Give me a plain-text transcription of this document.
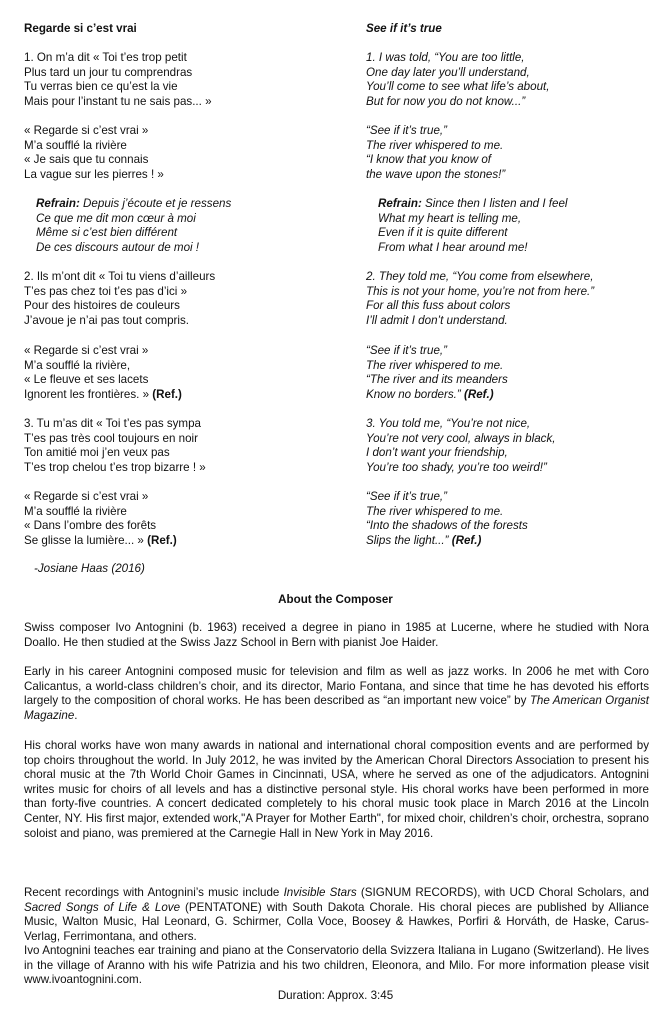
Regarde si c’est vrai
1. On m’a dit « Toi t’es trop petit
Plus tard un jour tu comprendras
Tu verras bien ce qu’est la vie
Mais pour l’instant tu ne sais pas... »
« Regarde si c’est vrai »
M’a soufflé la rivière
« Je sais que tu connais
La vague sur les pierres ! »
Refrain: Depuis j’écoute et je ressens
Ce que me dit mon cœur à moi
Même si c’est bien différent
De ces discours autour de moi !
2. Ils m’ont dit « Toi tu viens d’ailleurs
T’es pas chez toi t’es pas d’ici »
Pour des histoires de couleurs
J’avoue je n’ai pas tout compris.
« Regarde si c’est vrai »
M’a soufflé la rivière,
« Le fleuve et ses lacets
Ignorent les frontières. » (Ref.)
3. Tu m’as dit « Toi t’es pas sympa
T’es pas très cool toujours en noir
Ton amitié moi j’en veux pas
T’es trop chelou t’es trop bizarre ! »
« Regarde si c’est vrai »
M’a soufflé la rivière
« Dans l’ombre des forêts
Se glisse la lumière... » (Ref.)
See if it’s true
1. I was told, “You are too little,
One day later you’ll understand,
You’ll come to see what life’s about,
But for now you do not know...”
“See if it’s true,”
The river whispered to me.
“I know that you know of
the wave upon the stones!”
Refrain: Since then I listen and I feel
What my heart is telling me,
Even if it is quite different
From what I hear around me!
2. They told me, “You come from elsewhere,
This is not your home, you’re not from here.”
For all this fuss about colors
I’ll admit I don’t understand.
“See if it’s true,”
The river whispered to me.
“The river and its meanders
Know no borders.” (Ref.)
3. You told me, “You’re not nice,
You’re not very cool, always in black,
I don’t want your friendship,
You’re too shady, you’re too weird!”
“See if it’s true,”
The river whispered to me.
“Into the shadows of the forests
Slips the light...” (Ref.)
-Josiane Haas (2016)
About the Composer
Swiss composer Ivo Antognini (b. 1963) received a degree in piano in 1985 at Lucerne, where he studied with Nora Doallo. He then studied at the Swiss Jazz School in Bern with pianist Joe Haider.
Early in his career Antognini composed music for television and film as well as jazz works. In 2006 he met with Coro Calicantus, a world-class children’s choir, and its director, Mario Fontana, and since that time he has devoted his efforts largely to the composition of choral works. He has been described as “an important new voice” by The American Organist Magazine.
His choral works have won many awards in national and international choral composition events and are performed by top choirs throughout the world. In July 2012, he was invited by the American Choral Directors Association to present his choral music at the 7th World Choir Games in Cincinnati, USA, where he served as one of the adjudicators. Antognini writes music for choirs of all levels and has a distinctive personal style. His choral works have been performed in more than forty-five countries. A concert dedicated completely to his choral music took place in March 2016 at the Lincoln Center, NY. His first major, extended work,"A Prayer for Mother Earth", for mixed choir, children’s choir, orchestra, soprano soloist and piano, was premiered at the Carnegie Hall in New York in May 2016.
Recent recordings with Antognini’s music include Invisible Stars (SIGNUM RECORDS), with UCD Choral Scholars, and Sacred Songs of Life & Love (PENTATONE) with South Dakota Chorale. His choral pieces are published by Alliance Music, Walton Music, Hal Leonard, G. Schirmer, Colla Voce, Boosey & Hawkes, Porfiri & Horváth, de Haske, Carus-Verlag, Ferrimontana, and others.
Ivo Antognini teaches ear training and piano at the Conservatorio della Svizzera Italiana in Lugano (Switzerland). He lives in the village of Aranno with his wife Patrizia and his two children, Eleonora, and Milo. For more information please visit www.ivoantognini.com.
Duration: Approx. 3:45
